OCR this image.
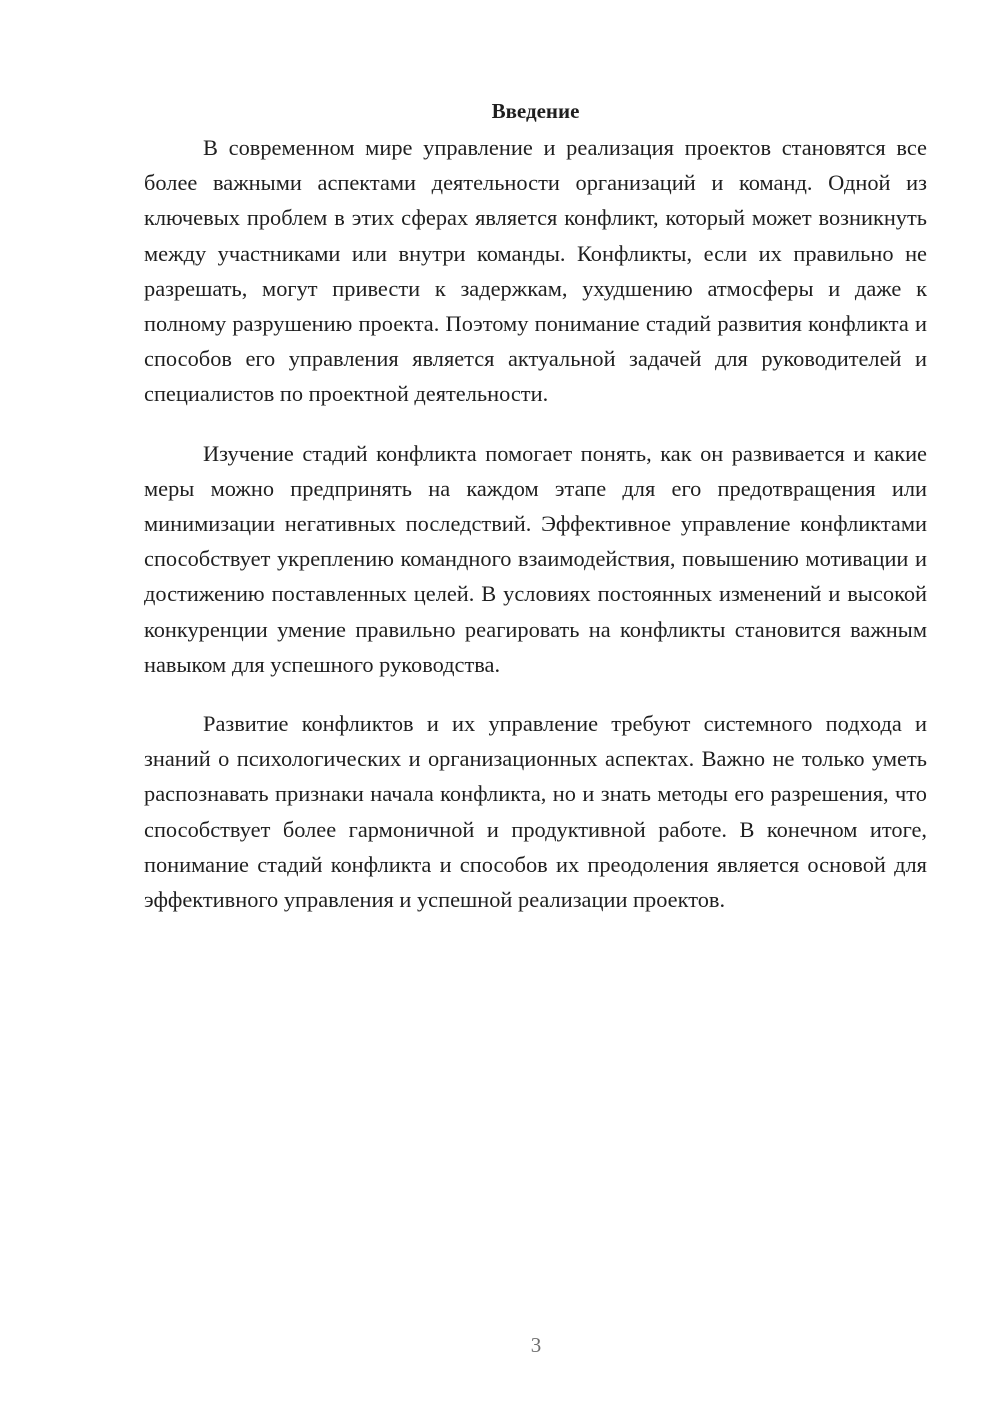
Введение

В современном мире управление и реализация проектов становятся все более важными аспектами деятельности организаций и команд. Одной из ключевых проблем в этих сферах является конфликт, который может возникнуть между участниками или внутри команды. Конфликты, если их правильно не разрешать, могут привести к задержкам, ухудшению атмосферы и даже к полному разрушению проекта. Поэтому понимание стадий развития конфликта и способов его управления является актуальной задачей для руководителей и специалистов по проектной деятельности.

Изучение стадий конфликта помогает понять, как он развивается и какие меры можно предпринять на каждом этапе для его предотвращения или минимизации негативных последствий. Эффективное управление конфликтами способствует укреплению командного взаимодействия, повышению мотивации и достижению поставленных целей. В условиях постоянных изменений и высокой конкуренции умение правильно реагировать на конфликты становится важным навыком для успешного руководства.

Развитие конфликтов и их управление требуют системного подхода и знаний о психологических и организационных аспектах. Важно не только уметь распознавать признаки начала конфликта, но и знать методы его разрешения, что способствует более гармоничной и продуктивной работе. В конечном итоге, понимание стадий конфликта и способов их преодоления является основой для эффективного управления и успешной реализации проектов.

3
